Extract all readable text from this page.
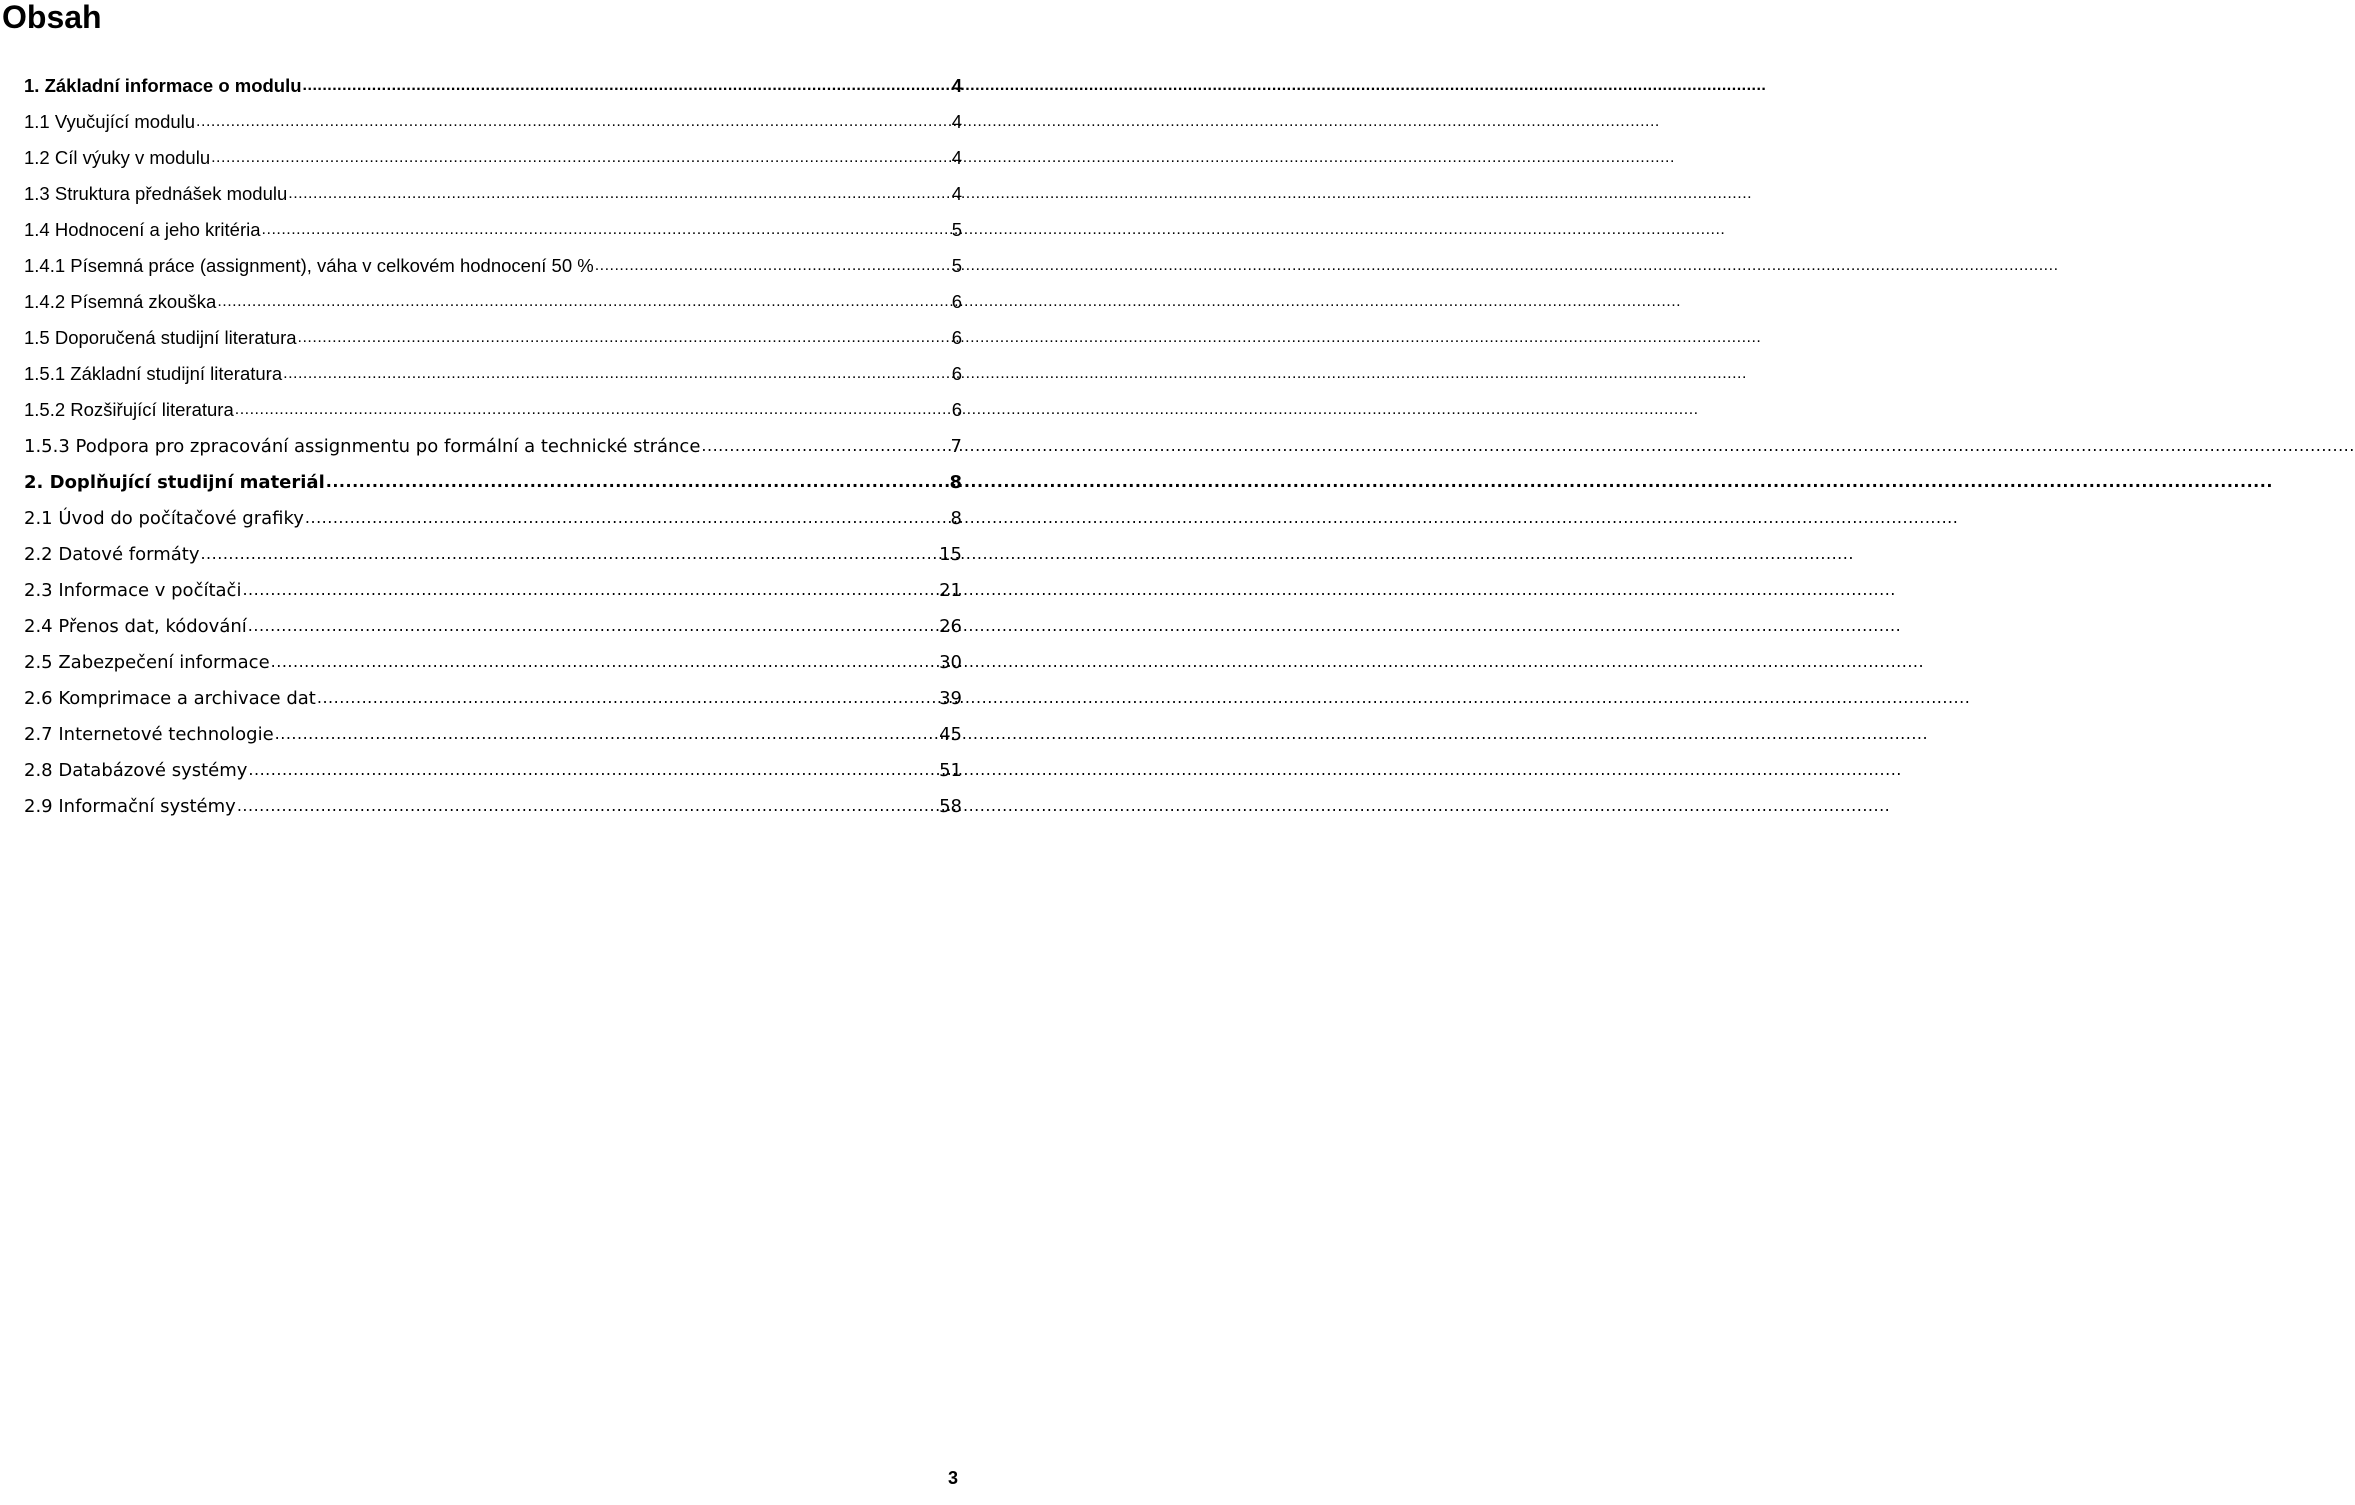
Obsah
1. Základní informace o modulu .....	4
1.1 Vyučující modulu .....	4
1.2 Cíl výuky v modulu .....	4
1.3 Struktura přednášek modulu .....	4
1.4 Hodnocení a jeho kritéria .....	5
1.4.1 Písemná práce (assignment), váha v celkovém hodnocení 50 % .....	5
1.4.2 Písemná zkouška .....	6
1.5 Doporučená studijní literatura .....	6
1.5.1 Základní studijní literatura .....	6
1.5.2 Rozšiřující literatura .....	6
1.5.3 Podpora pro zpracování assignmentu po formální a technické stránce .....	7
2. Doplňující studijní materiál .....	8
2.1 Úvod do počítačové grafiky .....	8
2.2 Datové formáty .....	15
2.3 Informace v počítači .....	21
2.4 Přenos dat, kódování .....	26
2.5 Zabezpečení informace .....	30
2.6 Komprimace a archivace dat .....	39
2.7 Internetové technologie .....	45
2.8 Databázové systémy .....	51
2.9 Informační systémy .....	58
3
